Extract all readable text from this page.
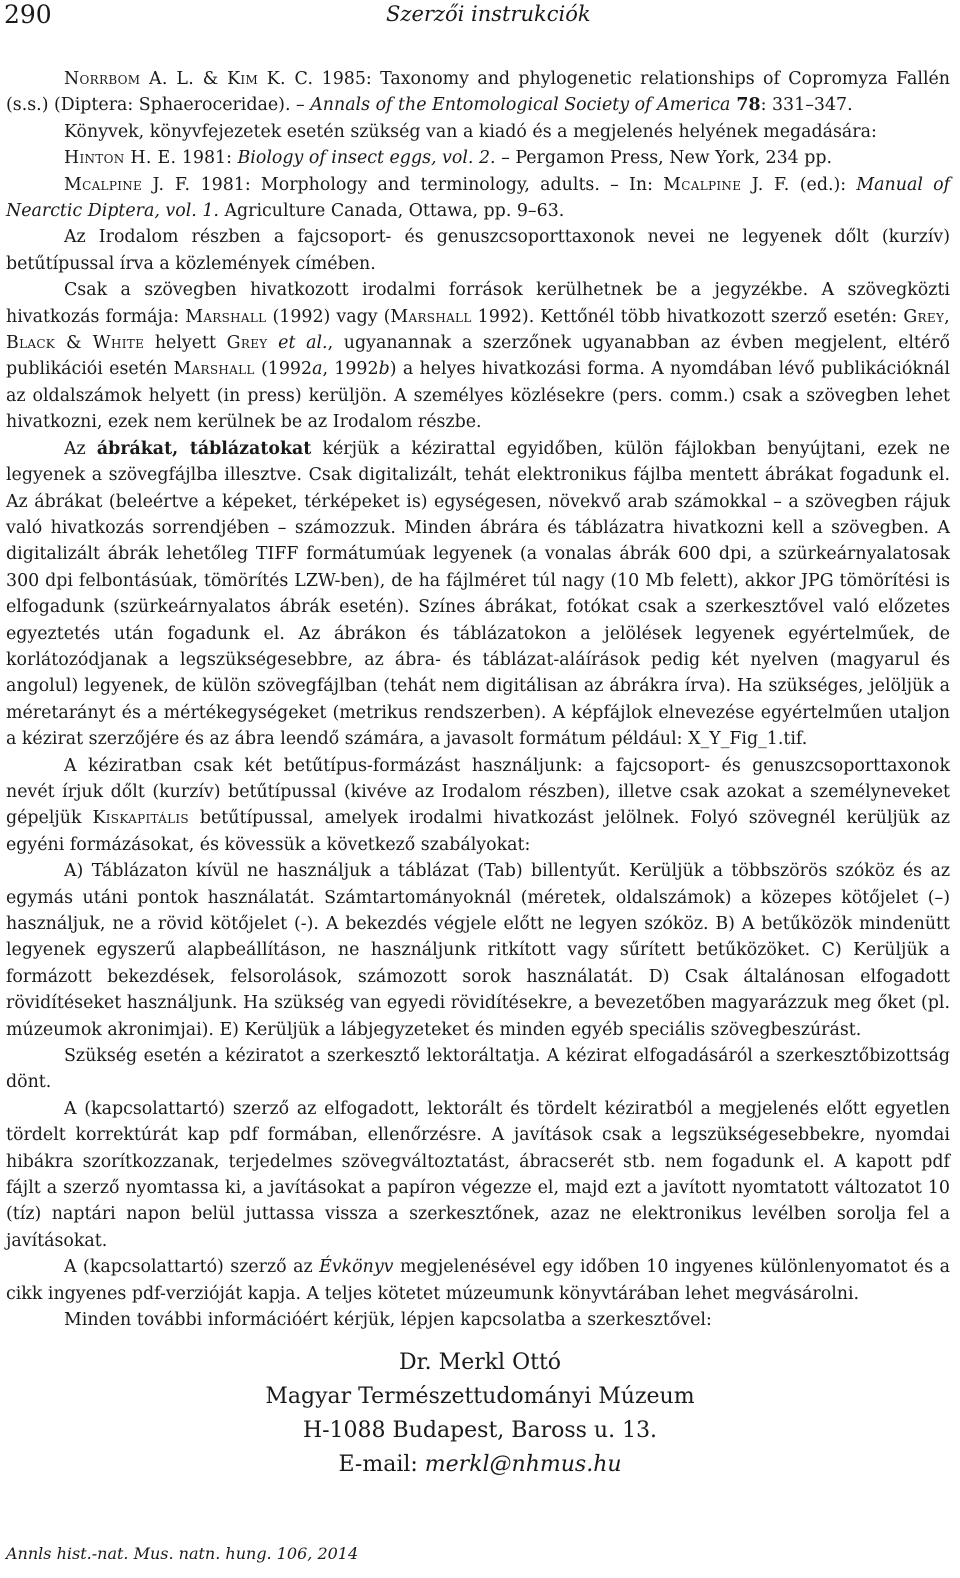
290	Szerzői instrukciók

Norrbom A. L. & Kim K. C. 1985: Taxonomy and phylogenetic relationships of Copromyza Fallén (s.s.) (Diptera: Sphaeroceridae). – Annals of the Entomological Society of America 78: 331–347.

Könyvek, könyvfejezetek esetén szükség van a kiadó és a megjelenés helyének megadására:

Hinton H. E. 1981: Biology of insect eggs, vol. 2. – Pergamon Press, New York, 234 pp.

Mcalpine J. F. 1981: Morphology and terminology, adults. – In: Mcalpine J. F. (ed.): Manual of Nearctic Diptera, vol. 1. Agriculture Canada, Ottawa, pp. 9–63.

Az Irodalom részben a fajcsoport- és genuszcsoporttaxonok nevei ne legyenek dőlt (kurzív) betűtípussal írva a közlemények címében.

Csak a szövegben hivatkozott irodalmi források kerülhetnek be a jegyzékbe. A szövegközti hivatkozás formája: Marshall (1992) vagy (Marshall 1992). Kettőnél több hivatkozott szerző esetén: Grey, Black & White helyett Grey et al., ugyanannak a szerzőnek ugyanabban az évben megjelent, eltérő publikációi esetén Marshall (1992a, 1992b) a helyes hivatkozási forma. A nyomdában lévő publikációknál az oldalszámok helyett (in press) kerüljön. A személyes közlésekre (pers. comm.) csak a szövegben lehet hivatkozni, ezek nem kerülnek be az Irodalom részbe.

Az ábrákat, táblázatokat kérjük a kézirattal egyidőben, külön fájlokban benyújtani, ezek ne legyenek a szövegfájlba illesztve. Csak digitalizált, tehát elektronikus fájlba mentett ábrákat fogadunk el. Az ábrákat (beleértve a képeket, térképeket is) egységesen, növekvő arab számokkal – a szövegben rájuk való hivatkozás sorrendjében – számozzuk. Minden ábrára és táblázatra hivatkozni kell a szövegben. A digitalizált ábrák lehetőleg TIFF formátumúak legyenek (a vonalas ábrák 600 dpi, a szürkeárnyalatosak 300 dpi felbontásúak, tömörítés LZW-ben), de ha fájlméret túl nagy (10 Mb felett), akkor JPG tömörítési is elfogadunk (szürkeárnyalatos ábrák esetén). Színes ábrákat, fotókat csak a szerkesztővel való előzetes egyeztetés után fogadunk el. Az ábrákon és táblázatokon a jelölések legyenek egyértelműek, de korlátozódjanak a legszükségesebbre, az ábra- és táblázat-aláírások pedig két nyelven (magyarul és angolul) legyenek, de külön szövegfájlban (tehát nem digitálisan az ábrákra írva). Ha szükséges, jelöljük a méretarányt és a mértékegységeket (metrikus rendszerben). A képfájlok elnevezése egyértelműen utaljon a kézirat szerzőjére és az ábra leendő számára, a javasolt formátum például: X_Y_Fig_1.tif.

A kéziratban csak két betűtípus-formázást használjunk: a fajcsoport- és genuszcsoporttaxonok nevét írjuk dőlt (kurzív) betűtípussal (kivéve az Irodalom részben), illetve csak azokat a személyneveket gépeljük Kiskapitális betűtípussal, amelyek irodalmi hivatkozást jelölnek. Folyó szövegnél kerüljük az egyéni formázásokat, és kövessük a következő szabályokat:

A) Táblázaton kívül ne használjuk a táblázat (Tab) billentyűt. Kerüljük a többszörös szóköz és az egymás utáni pontok használatát. Számtartományoknál (méretek, oldalszámok) a közepes kötőjelet (–) használjuk, ne a rövid kötőjelet (-). A bekezdés végjele előtt ne legyen szóköz. B) A betűközök mindenütt legyenek egyszerű alapbeállításon, ne használjunk ritkított vagy sűrített betűközöket. C) Kerüljük a formázott bekezdések, felsorolások, számozott sorok használatát. D) Csak általánosan elfogadott rövidítéseket használjunk. Ha szükség van egyedi rövidítésekre, a bevezetőben magyarázzuk meg őket (pl. múzeumok akronimjai). E) Kerüljük a lábjegyzeteket és minden egyéb speciális szövegbeszúrást.

Szükség esetén a kéziratot a szerkesztő lektoráltatja. A kézirat elfogadásáról a szerkesztőbizottság dönt.

A (kapcsolattartó) szerző az elfogadott, lektorált és tördelt kéziratból a megjelenés előtt egyetlen tördelt korrektúrát kap pdf formában, ellenőrzésre. A javítások csak a legszükségesebbekre, nyomdai hibákra szorítkozzanak, terjedelmes szövegváltoztatást, ábracserét stb. nem fogadunk el. A kapott pdf fájlt a szerző nyomtassa ki, a javításokat a papíron végezze el, majd ezt a javított nyomtatott változatot 10 (tíz) naptári napon belül juttassa vissza a szerkesztőnek, azaz ne elektronikus levélben sorolja fel a javításokat.

A (kapcsolattartó) szerző az Évkönyv megjelenésével egy időben 10 ingyenes különlenyomatot és a cikk ingyenes pdf-verzióját kapja. A teljes kötetet múzeumunk könyvtárában lehet megvásárolni.

Minden további információért kérjük, lépjen kapcsolatba a szerkesztővel:

Dr. Merkl Ottó

Magyar Természettudományi Múzeum

H-1088 Budapest, Baross u. 13.

E-mail: merkl@nhmus.hu

Annls hist.-nat. Mus. natn. hung. 106, 2014
